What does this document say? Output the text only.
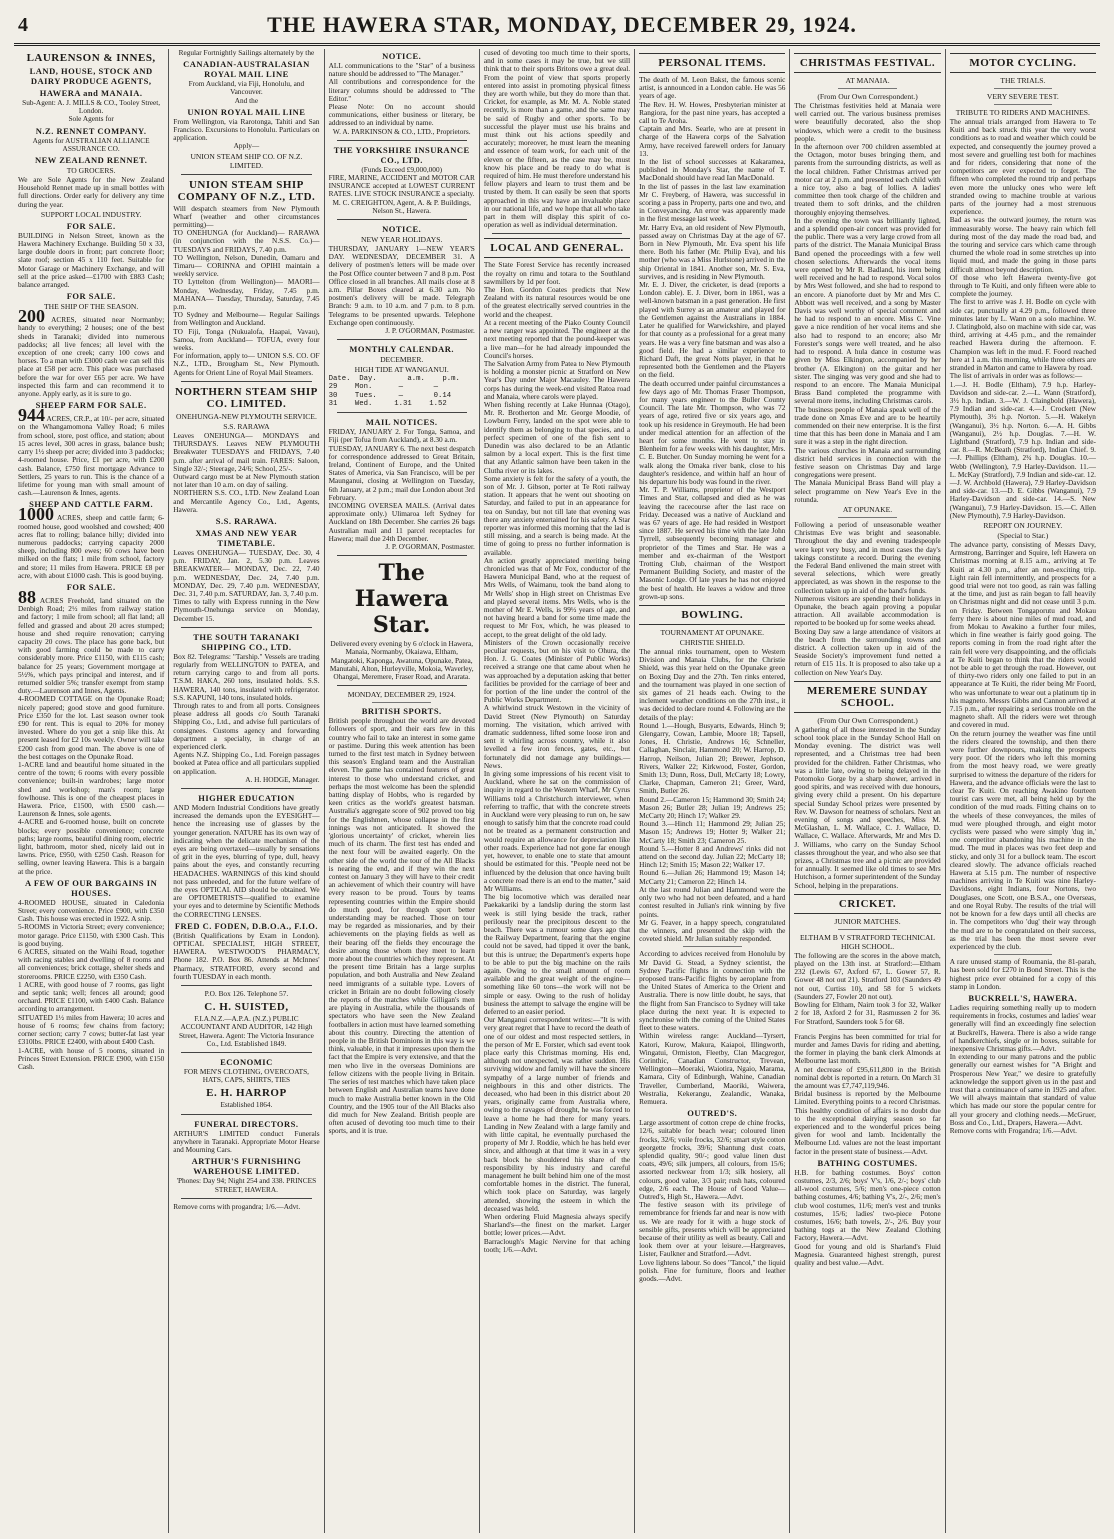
4	THE HAWERA STAR, MONDAY, DECEMBER 29, 1924.
LAURENSON & INNES,
LAND, HOUSE, STOCK AND DAIRY PRODUCE AGENTS,
HAWERA and MANAIA.

Sub-Agent: A. J. MILLS & CO., Tooley Street, London.

Sole Agents for

N.Z. RENNET COMPANY.

Agents for AUSTRALIAN ALLIANCE ASSURANCE CO.

NEW ZEALAND RENNET.
TO GROCERS.

We are Sole Agents for the New Zealand Household Rennet made up in small bottles with full directions. Order early for delivery any time during the year.

SUPPORT LOCAL INDUSTRY.
FOR SALE.

BUILDING in Nelson Street, known as the Hawera Machinery Exchange. Building 50 x 33, large double doors in front; part concrete floor; slate roof; section 45 x 110 feet. Suitable for Motor Garage or Machinery Exchange, and will sell at the price asked—£1700 with £883 Cash; balance arranged.

FOR SALE.
THE SHIP OF THE SEASON.

200 ACRES, situated near Normanby; handy to everything; 2 houses; one of the best sheds in Taranaki; divided into numerous paddocks; all live fences; all level with the exception of one creek; carry 100 cows and horses. To a man with £3000 cash we can sell this place at £58 per acre. This place was purchased before the war for over £65 per acre. We have inspected this farm and can recommend it to anyone. Apply early, as it is sure to go.

SHEEP FARM FOR SALE.

944 ACRES, CR.P., at 10/- per acre, situated on the Whangamomona Valley Road; 6 miles from school, store, post office, and station; about 15 acres level, 300 acres in grass, balance bush; carry 1½ sheep per acre; divided into 3 paddocks; 4-roomed house. Price, £1 per acre, with £200 cash. Balance, £750 first mortgage Advance to Settlers, 25 years to run. This is the chance of a lifetime for young man with small amount of cash.—Laurenson & Innes, agents.

SHEEP AND CATTLE FARM.

1000 ACRES, sheep and cattle farm; 6-roomed house, good woolshed and cowshed; 400 acres flat to rolling; balance hilly; divided into numerous paddocks; carrying capacity 2000 sheep, including 800 ewes; 60 cows have been milked on the flats; 1 mile from school, factory and store; 11 miles from Hawera. PRICE £8 per acre, with about £1000 cash. This is good buying.

FOR SALE.

88 ACRES Freehold, land situated on the Denbigh Road; 2½ miles from railway station and factory; 1 mile from school; all flat land; all felled and grassed and about 20 acres stumped; house and shed require renovation; carrying capacity 20 cows. The place has gone back, but with good farming could be made to carry considerably more. Price £1150, with £115 cash; balance for 25 years; Government mortgage at 5½%, which pays principal and interest, and if returned soldier 5%; transfer exempt from stamp duty.—Laurenson and Innes, Agents.

4-ROOMED COTTAGE on the Opunake Road; nicely papered; good stove and good furniture. Price £350 for the lot. Last season owner took £90 for rent. This is equal to 20% for money invested. Where do you get a snip like this. At present leased for £2 10s weekly. Owner will take £200 cash from good man. The above is one of the best cottages on the Opunake Road.

1-ACRE land and beautiful home situated in the centre of the town; 6 rooms with every possible convenience; built-in wardrobes; large motor shed and workshop; man's room; large fowlhouse. This is one of the cheapest places in Hawera. Price, £1500, with £500 cash.—Laurenson & Innes, sole agents.

4-ACRE and 6-roomed house, built on concrete blocks; every possible convenience; concrete paths; large rooms, beautiful dining room, electric light, bathroom, motor shed, nicely laid out in lawns. Price, £950, with £250 Cash. Reason for selling, owner leaving Hawera. This is a bargain at the price.

A FEW OF OUR BARGAINS IN HOUSES.

4-ROOMED HOUSE, situated in Caledonia Street; every convenience. Price £900, with £350 Cash. This house was erected in 1922. A snip.

5-ROOMS in Victoria Street; every convenience; motor garage. Price £1150, with £300 Cash. This is good buying.

6 ACRES, situated on the Waihi Road, together with racing stables and dwelling of 8 rooms and all conveniences; brick cottage, shelter sheds and storerooms. PRICE £2250, with £350 Cash.

1 ACRE, with good house of 7 rooms, gas light and septic tank; well; fences all around; good orchard. PRICE £1100, with £400 Cash. Balance according to arrangement.

SITUATED 1½ miles from Hawera; 10 acres and house of 6 rooms; few chains from factory; corner section; carry 7 cows; butter-fat last year £310lbs. PRICE £2400, with about £400 Cash.

1-ACRE, with house of 5 rooms, situated in Princes Street Extension. PRICE £900, with £150 Cash.

Regular Fortnightly Sailings alternately by the

CANADIAN-AUSTRALASIAN ROYAL MAIL LINE

From Auckland, via Fiji, Honolulu, and Vancouver.

And the

UNION ROYAL MAIL LINE

From Wellington, via Rarotonga, Tahiti and San Francisco. Excursions to Honolulu. Particulars on application.

Apply—

UNION STEAM SHIP CO. OF N.Z. LIMITED.
UNION STEAM SHIP COMPANY OF N.Z., LTD.

Will despatch steamers from New Plymouth Wharf (weather and other circumstances permitting)—

TO ONEHUNGA (for Auckland)— RARAWA (in conjunction with the N.S.S. Co.)— TUESDAYS and FRIDAYS, 7.40 p.m.

TO Wellington, Nelson, Dunedin, Oamaru and Timaru— CORINNA and OPIHI maintain a weekly service.

TO Lyttelton (from Wellington)— MAORI—Monday, Wednesday, Friday, 7.45 p.m. MAHANA— Tuesday, Thursday, Saturday, 7.45 p.m.

TO Sydney and Melbourne— Regular Sailings from Wellington and Auckland.

TO Fiji, Tonga (Nukualofa, Haapai, Vavau), Samoa, from Auckland— TOFUA, every four weeks.

For information, apply to— UNION S.S. CO. OF N.Z., LTD., Brougham St., New Plymouth. Agents for Orient Line of Royal Mail Steamers.

NORTHERN STEAM SHIP CO. LIMITED.
ONEHUNGA-NEW PLYMOUTH SERVICE.
S.S. RARAWA

Leaves ONEHUNGA— MONDAYS and THURSDAYS. Leaves NEW PLYMOUTH Breakwater TUESDAYS and FRIDAYS, 7.40 p.m. after arrival of mail train. FARES: Saloon, Single 32/-; Steerage, 24/6; School, 25/-.

Outward cargo must be at New Plymouth station not later than 10 a.m. on day of sailing.

NORTHERN S.S. CO., LTD. New Zealand Loan and Mercantile Agency Co., Ltd., Agents, Hawera.

S.S. RARAWA.
XMAS AND NEW YEAR TIMETABLE.

Leaves ONEHUNGA— TUESDAY, Dec. 30, 4 p.m. FRIDAY, Jan. 2, 5.30 p.m. Leaves BREAKWATER— MONDAY, Dec. 22, 7.40 p.m. WEDNESDAY, Dec. 24, 7.40 p.m. MONDAY, Dec. 29, 7.40 p.m. WEDNESDAY, Dec. 31, 7.40 p.m. SATURDAY, Jan. 3, 7.40 p.m.

Times to tally with Express running in the New Plymouth-Onehunga service on Monday, December 15.

THE SOUTH TARANAKI SHIPPING CO., LTD.

Box 82. Telegrams: "Tarship." Vessels are trading regularly from WELLINGTON to PATEA, and return carrying cargo to and from all ports. T.S.M. HAKA, 260 tons, insulated holds. S.S. HAWERA, 140 tons, insulated with refrigerator. S.S. KAPUNI, 140 tons, insulated holds.

Through rates to and from all ports. Consignees please address all goods c/o South Taranaki Shipping Co., Ltd., and advise full particulars of consignees. Customs agency and forwarding department a specialty, in charge of an experienced clerk.

Agents N.Z. Shipping Co., Ltd. Foreign passages booked at Patea office and all particulars supplied on application.

A. H. HODGE, Manager.

HIGHER EDUCATION

AND Modern Industrial Conditions have greatly increased the demands upon the EYESIGHT—hence the increasing use of glasses by the younger generation. NATURE has its own way of indicating when the delicate mechanism of the eyes are being overtaxed—usually by sensations of grit in the eyes, blurring of type, dull, heavy pains about the eyes, and constantly recurring HEADACHES. WARNINGS of this kind should not pass unheeded, and for the future welfare of the eyes OPTICAL AID should be obtained. We are OPTOMETRISTS—qualified to examine your eyes and to determine by Scientific Methods the CORRECTING LENSES.

FRED C. FODEN, D.B.O.A., F.I.O.

(British Qualifications by Exam in London). OPTICAL SPECIALIST, HIGH STREET, HAWERA. WESTWOOD'S PHARMACY, Phone 182. P.O. Box 86. Attends at McInnes' Pharmacy, STRATFORD, every second and fourth TUESDAY in each month.

P.O. Box 126. Telephone 57.

C. H. SUISTED,

F.I.A.N.Z.—A.P.A. (N.Z.) PUBLIC ACCOUNTANT AND AUDITOR, 142 High Street, Hawera. Agent: The Victoria Insurance Co., Ltd. Established 1849.

ECONOMIC

FOR MEN'S CLOTHING, OVERCOATS, HATS, CAPS, SHIRTS, TIES

E. H. HARROP

Established 1864.

FUNERAL DIRECTORS.

ARTHUR'S LIMITED conduct Funerals anywhere in Taranaki. Appropriate Motor Hearse and Mourning Cars.

ARTHUR'S FURNISHING WAREHOUSE LIMITED.

'Phones: Day 94; Night 254 and 338. PRINCES STREET, HAWERA.

Remove corns with progandra; 1/6.—Advt.

NOTICE.

ALL communications to the "Star" of a business nature should be addressed to "The Manager."

All contributions and correspondence for the literary columns should be addressed to "The Editor."

Please Note: On no account should communications, either business or literary, be addressed to an individual by name.

W. A. PARKINSON & CO., LTD., Proprietors.

THE YORKSHIRE INSURANCE CO., LTD.

(Funds Exceed £9,000,000)

FIRE, MARINE, ACCIDENT and MOTOR CAR INSURANCE accepted at LOWEST CURRENT RATES. LIVE STOCK INSURANCE a specialty.

M. C. CREIGHTON, Agent, A. & P. Buildings, Nelson St., Hawera.

NOTICE.
NEW YEAR HOLIDAYS.

THURSDAY, JANUARY 1—NEW YEAR'S DAY. WEDNESDAY, DECEMBER 31. A delivery of postmen's letters will be made over the Post Office counter between 7 and 8 p.m. Post Office closed in all branches. All mails close at 8 a.m. Pillar Boxes cleared at 6.30 a.m. No postmen's delivery will be made. Telegraph Branch: 9 a.m. to 10 a.m. and 7 p.m. to 8 p.m. Telegrams to be presented upwards. Telephone Exchange open continuously.

J. P. O'GORMAN, Postmaster.

MONTHLY CALENDAR.
DECEMBER.
HIGH TIDE AT WANGANUI.

Date.  Day.       a.m.    p.m.

29    Mon.      —       —

30    Tues.     —       0.14

31    Wed.     1.31    1.52

MAIL NOTICES.

FRIDAY, JANUARY 2. For Tonga, Samoa, and Fiji (per Tofua from Auckland), at 8.30 a.m.

TUESDAY, JANUARY 6. The next best despatch for correspondence addressed to Great Britain, Ireland, Continent of Europe, and the United States of America, via San Francisco, will be per Maunganui, closing at Wellington on Tuesday, 6th January, at 2 p.m.; mail due London about 3rd February.

INCOMING OVERSEA MAILS. (Arrival dates approximate only.) Ulimaroa left Sydney for Auckland on 18th December. She carries 26 bags Australian mail and 11 parcel receptacles for Hawera; mail due 24th December.

J. P. O'GORMAN, Postmaster.

The Hawera Star.

Delivered every evening by 6 o'clock in Hawera, Manaia, Normanby, Okaiawa, Eltham, Mangatoki, Kaponga, Awatuna, Opunake, Patea, Manutahi, Alton, Hurleyville, Mokoia, Waverley, Ohangai, Meremere, Fraser Road, and Ararata.

MONDAY, DECEMBER 29, 1924.
BRITISH SPORTS.

British people throughout the world are devoted followers of sport, and their ears few in this country who fail to take an interest in some game or pastime. During this week attention has been turned to the first test match in Sydney between this season's England team and the Australian eleven. The game has contained features of great interest to those who understand cricket, and perhaps the most welcome has been the splendid batting display of Hobbs, who is regarded by keen critics as the world's greatest batsman. Australia's aggregate score of 902 proved too big for the Englishmen, whose collapse in the first innings was not anticipated. It showed the 'glorious uncertainty' of cricket, wherein lies much of its charm. The first test has ended and the next four will be awaited eagerly. On the other side of the world the tour of the All Blacks is nearing the end, and if they win the next contest on January 3 they will have to their credit an achievement of which their country will have every reason to be proud. Tours by teams representing countries within the Empire should do much good, for through sport better understanding may be reached. Those on tour may be regarded as missionaries, and by their achievements on the playing fields as well as their bearing off the fields they encourage the desire among those whom they meet to learn more about the countries which they represent. At the present time Britain has a large surplus population, and both Australia and New Zealand need immigrants of a suitable type. Lovers of cricket in Britain are no doubt following closely the reports of the matches while Gilligan's men are playing in Australia, while the thousands of spectators who have seen the New Zealand footballers in action must have learned something about this country. Directing the attention of people in the British Dominions in this way is we think, valuable, in that it impresses upon them the fact that the Empire is very extensive, and that the men who live in the overseas Dominions are fellow citizens with the people living in Britain. The series of test matches which have taken place between English and Australian teams have done much to make Australia better known in the Old Country, and the 1905 tour of the All Blacks also did much for New Zealand. British people are often acused of devoting too much time to their sports, and it is true.

cused of devoting too much time to their sports, and in some cases it may be true, but we still think that to their sports Britons owe a great deal. From the point of view that sports properly entered into assist in promoting physical fitness they are worth while, but they do more than that. Cricket, for example, as Mr. M. A. Noble stated recently, is more than a game, and the same may be said of Rugby and other sports. To be successful the player must use his brains and must think out his actions speedily and accurately; moreover, he must learn the meaning and essence of team work, for each unit of the eleven or the fifteen, as the case may be, must know his place and be ready to do what is required of him. He must therefore understand his fellow players and learn to trust them and be trusted by them. It can easily be seen that sports approached in this way have an invaluable place in our national life, and we hope that all who take part in them will display this spirit of co-operation as well as individual determination.

LOCAL AND GENERAL.

The State Forest Service has recently increased the royalty on rimu and totara to the Southland sawmillers by 1d per foot.

The Hon. Gordon Coates predicts that New Zealand with its natural resources would be one of the greatest electrically served countries in the world and the cheapest.

At a recent meeting of the Piako County Council a new ranger was appointed. The engineer at the next meeting reported that the pound-keeper was a live man—for he had already impounded the Council's horses.

The Salvation Army from Patea to New Plymouth is holding a monster picnic at Stratford on New Year's Day under Major Macauley. The Hawera corps has during the week-end visited Ratoa road and Manaia, where carols were played.

When fishing recently at Lake Hunnaa (Otago), Mr. R. Brotherton and Mr. George Moodie, of Lowburn Ferry, landed on the spot were able to identify them as belonging to that species, and a perfect specimen of one of the fish sent to Dunedin was also declared to be an Atlantic salmon by a local expert. This is the first time that any Atlantic salmon have been taken in the Clutha river or its lakes.

Some anxiety is felt for the safety of a youth, the son of Mr. J. Gibson, porter at Te Roti railway station. It appears that he went out shooting on Saturday, and failed to put in an appearance for tea on Sunday, but not till late that evening was there any anxiety entertained for his safety. A Star reporter was informed this morning that the lad is still missing, and a search is being made. At the time of going to press no further information is available.

An action greatly appreciated meriting being chronicled was that of Mr Fox, conductor of the Hawera Municipal Band, who at the request of Mrs Wells, of Waimanu, took the band along to Mr Wells' shop in High street on Christmas Eve and played several items. Mrs Wells, who is the mother of Mr E. Wells, is 99½ years of age, and not having heard a band for some time made the request to Mr Fox, which, he was pleased to accept, to the great delight of the old lady.

Ministers of the Crown occasionally receive peculiar requests, but on his visit to Ohura, the Hon. J. G. Coates (Minister of Public Works) received a strange one that came about when he was approached by a deputation asking that better facilities be provided for the carriage of beer and for portion of the line under the control of the Public Works Department.

A whirlwind struck Westown in the vicinity of David Street (New Plymouth) on Saturday morning. The visitation, which arrived with dramatic suddenness, lifted some loose iron and sent it whirling across country, while it also levelled a few iron fences, gates, etc., but fortunately did not damage any buildings.—News.

In giving some impressions of his recent visit to Auckland, where he sat on the commission of inquiry in regard to the Western Wharf, Mr Cyrus Williams told a Christchurch interviewer, when referring to traffic, that with the concrete streets in Auckland were very pleasing to run on, he saw enough to satisfy him that the concrete road could not be treated as a permanent construction and would require an allowance for depreciation like other roads. Experience had not gone far enough yet, however, to enable one to state that amount should be estimated for this. "People need not be influenced by the delusion that once having built a concrete road there is an end to the matter," said Mr Williams.

The big locomotive which was derailed near Paekakariki by a landslip during the storm last week is still lying beside the track, rather perilously near the precipitous descent to the beach. There was a rumour some days ago that the Railway Department, fearing that the engine could not be saved, had tipped it over the bank, but this is untrue; the Department's experts hope to be able to put the big machine on the rails again. Owing to the small amount of room available and the great weight of the engine—something like 60 tons—the work will not be simple or easy. Owing to the rush of holiday business the attempt to salvage the engine will be deferred to an easier period.

Our Manganui correspondent writes:—"It is with very great regret that I have to record the death of one of our oldest and most respected settlers, in the person of Mr E. Forster, which sad event took place early this Christmas morning. His end, although not unexpected, was rather sudden. His surviving widow and family will have the sincere sympathy of a large number of friends and neighbours in this and other districts. The deceased, who had been in this district about 20 years, originally came from Australia where, owing to the ravages of drought, he was forced to leave a home he had there for many years. Landing in New Zealand with a large family and with little capital, he eventually purchased the property of Mr J. Roddie, which he has held ever since, and although at that time it was in a very back block he shouldered his share of the responsibility by his industry and careful management he built behind him one of the most comfortable homes in the district. The funeral, which took place on Saturday, was largely attended, showing the esteem in which the deceased was held.

When ordering Fluid Magnesia always specify Sharland's—the finest on the market. Larger bottle; lower prices.—Advt.

Barraclough's Magic Nervine for that aching tooth; 1/6.—Advt.

PERSONAL ITEMS.

The death of M. Leon Bakst, the famous scenic artist, is announced in a London cable. He was 56 years of age.

The Rev. H. W. Howes, Presbyterian minister at Rangiora, for the past nine years, has accepted a call to Te Aroha.

Captain and Mrs. Searle, who are at present in charge of the Hawera corps of the Salvation Army, have received farewell orders for January 13.

In the list of school successes at Kakaramea, published in Monday's Star, the name of T. MacDonald should have read Ian MacDonald.

In the list of passes in the last law examination Mr C. Freyberg, of Hawera, was successful in scoring a pass in Property, parts one and two, and in Conveyancing. An error was apparently made in the first message last week.

Mr. Harry Eva, an old resident of New Plymouth, passed away on Christmas Day at the age of 67. Born in New Plymouth, Mr. Eva spent his life there. Both his father (Mr. Philip Eva), and his mother (who was a Miss Hurlstone) arrived in the ship Oriental in 1841. Another son, Mr. S. Eva, survives, and is residing in New Plymouth.

Mr. E. J. Diver, the cricketer, is dead (reports a London cable). E. J. Diver, born in 1861, was a well-known batsman in a past generation. He first played with Surrey as an amateur and played for the Gentlemen against the Australians in 1884. Later he qualified for Warwickshire, and played for that county as a professional for a great many years. He was a very fine batsman and was also a good field. He had a similar experience to Richard Daft, the great Notts player, in that he represented both the Gentlemen and the Players on the field.

The death occurred under painful circumstances a few days ago of Mr. Thomas Fraser Thompson, for many years engineer to the Buller County Council. The late Mr. Thompson, who was 72 years of age, retired five or six years ago, and took up his residence in Greymouth. He had been under medical attention for an affection of the heart for some months. He went to stay in Blenheim for a few weeks with his daughter, Mrs. C. E. Butcher. On Sunday morning he went for a walk along the Omaka river bank, close to his daughter's residence, and within half an hour of his departure his body was found in the river.

Mr. T. P. Williams, proprietor of the Westport Times and Star, collapsed and died as he was leaving the racecourse after the last race on Friday. Deceased was a native of Auckland and was 67 years of age. He had resided in Westport since 1887. He served his time with the late John Tyrrell, subsequently becoming manager and proprietor of the Times and Star. He was a member and ex-chairman of the Westport Trotting Club, chairman of the Westport Permanent Building Society, and master of the Masonic Lodge. Of late years he has not enjoyed the best of health. He leaves a widow and three grown-up sons.

BOWLING.
TOURNAMENT AT OPUNAKE.
CHRISTIE SHIELD.

The annual rinks tournament, open to Western Division and Manaia Clubs, for the Christie Shield, was this year held on the Opunake green on Boxing Day and the 27th. Ten rinks entered, and the tournament was played in one section of six games of 21 heads each. Owing to the inclement weather conditions on the 27th inst., it was decided to declare round 4. Following are the details of the play:

Round 1.—Hough, Busyarts, Edwards, Hinch 9; Glengarry, Cowan, Lambie, Moore 18; Tapsell, Jones, H. Christie, Andrews 16; Schneller, Callaghan, Sinclair, Hammond 20; W. Harrop, D. Harrop, Neilson, Julian 20; Brewer, Jephson, Rivers, Walker 22; Kirkwood, Foster, Gordon, Smith 13; Dunn, Ross, Dull, McCarty 18; Lowry, Clarke, Chapman, Cameron 21; Greer, Ward, Smith, Butler 26.

Round 2.—Cameron 15; Hammond 30; Smith 24; Mason 26; Butler 28; Julian 19; Andrews 25; McCarty 20; Hinch 17; Walker 29.

Round 3.—Hinch 11; Hammond 29; Julian 25; Mason 15; Andrews 19; Hotter 9; Walker 21; McCarty 18; Smith 23; Cameron 25.

Round 5.—Hotter 8 and Andrews' rinks did not attend on the second day. Julian 22; McCarty 18; Hinch 12; Smith 15; Mason 22; Walker 17.

Round 6.—Julian 26; Hammond 19; Mason 14; McCarty 21; Cameron 22; Hinch 14.

At the last round Julian and Hammond were the only two who had not been defeated, and a hard contest resulted in Julian's rink winning by five points.

Mr G. Feaver, in a happy speech, congratulated the winners, and presented the skip with the coveted shield. Mr Julian suitably responded.

According to advices received from Honolulu by Mr David G. Stead, a Sydney scientist, the Sydney Pacific flights in connection with the proposed trans-Pacific flights by aeroplane from the United States of America to the Orient and Australia. There is now little doubt, he says, that the flight from San Francisco to Sydney will take place during the next year. It is expected to synchronise with the coming of the United States fleet to these waters.

Within wireless range: Auckland—Tyrsert, Katori, Kurow, Makura, Kaiapoi, Illingworth, Wingatui, Ormiston, Fleetby, Clan Macgregor, Corinthic, Canadian Constructor, Trevean, Wellington—Moeraki, Waiotira, Ngaio, Marama, Kamara, City of Edinburgh, Wahine, Canadian Traveller, Cumberland, Maoriki, Waiwera, Westralia, Kekerangu, Zealandic, Wanaka, Remuera.

OUTRED'S.

Large assortment of cotton crepe de chine frocks, 12/6, suitable for beach wear; coloured linen frocks, 32/6; voile frocks, 32/6; smart style cotton georgette frocks, 39/6; Shantung dust coats, splendid quality, 90/-; good value linen dust coats, 49/6; silk jumpers, all colours, from 15/6; assorted neckwear from 1/3; silk hosiery, all colours, good value, 3/3 pair; rush hats, coloured edge, 2/6 each. The House of Good Value—Outred's, High St., Hawera.—Advt.

The festive season with its privilege of remembrance for friends far and near is now with us. We are ready for it with a huge stock of sensible gifts, presents which will be appreciated because of their utility as well as beauty. Call and look them over at your leisure.—Hargreaves, Lister, Faulkner and Stratford.—Advt.

Love lightens labour. So does "Tancol," the liquid polish. Fine for furniture, floors and leather goods.—Advt.

CHRISTMAS FESTIVAL.
AT MANAIA.
(From Our Own Correspondent.)

The Christmas festivities held at Manaia were well carried out. The various business premises were beautifully decorated, also the shop windows, which were a credit to the business people.

In the afternoon over 700 children assembled at the Octagon, motor buses bringing them, and parents from the surrounding districts, as well as the local children. Father Christmas arrived per motor car at 2 p.m. and presented each child with a nice toy, also a bag of lollies. A ladies' committee then took charge of the children and treated them to soft drinks, and the children thoroughly enjoying themselves.

In the evening the town was brilliantly lighted, and a splendid open-air concert was provided for the public. There was a very large crowd from all parts of the district. The Manaia Municipal Brass Band opened the proceedings with a few well chosen selections. Afterwards the vocal items were opened by Mr R. Badland, his item being well received and he had to respond. Vocal solos by Mrs West followed, and she had to respond to an encore. A pianoforte duet by Mr and Mrs C. Abbott was well received, and a song by Master Davis was well worthy of special comment and he had to respond to an encore. Miss C. Vine gave a nice rendition of her vocal items and she also had to respond to an encore; also Mr Forester's songs were well treated, and he also had to respond. A hula dance in costume was given by Miss Elkington, accompanied by her brother (A. Elkington) on the guitar and her sister. The singing was very good and she had to respond to an encore. The Manaia Municipal Brass Band completed the programme with several more items, including Christmas carols.

The business people of Manaia speak well of the trade done on Xmas Eve and are to be heartily commended on their new enterprise. It is the first time that this has been done in Manaia and I am sure it was a step in the right direction.

The various churches in Manaia and surrounding district held services in connection with the festive season on Christmas Day and large congregations were present.

The Manaia Municipal Brass Band will play a select programme on New Year's Eve in the rotunda.

AT OPUNAKE.

Following a period of unseasonable weather Christmas Eve was bright and seasonable. Throughout the day and evening tradespeople were kept very busy, and in most cases the day's takings constitute a record. During the evening the Federal Band enlivened the main street with several selections, which were greatly appreciated, as was shown in the response to the collection taken up in aid of the band's funds.

Numerous visitors are spending their holidays in Opunake, the beach again proving a popular attraction. All available accommodation is reported to be booked up for some weeks ahead.

Boxing Day saw a large attendance of visitors at the beach from the surrounding towns and district. A collection taken up in aid of the Seaside Society's improvement fund netted a return of £15 11s. It is proposed to also take up a collection on New Year's Day.

MEREMERE SUNDAY SCHOOL.
(From Our Own Correspondent.)

A gathering of all those interested in the Sunday school took place in the Sunday School Hall on Monday evening. The district was well represented, and a Christmas tree had been provided for the children. Father Christmas, who was a little late, owing to being delayed in the Potomoko Gorge by a sharp shower, arrived in good spirits, and was received with due honours, giving every child a present. On his departure special Sunday School prizes were presented by Rev. W. Dawson for neatness of scholars. Next an evening of songs and speeches, Miss M. McGlashan, L. M. Wallace, C. J. Wallace, D. Wallace, C. Wallace. Afterwards, Mr and Mrs D. J. Williams, who carry on the Sunday School classes throughout the year, and who also see that prizes, a Christmas tree and a picnic are provided for annually. It seemed like old times to see Mrs Hutchison, a former superintendent of the Sunday School, helping in the preparations.

CRICKET.
JUNIOR MATCHES.
ELTHAM B V STRATFORD TECHNICAL HIGH SCHOOL.

The following are the scores in the above match, played on the 13th inst. at Stratford:—Eltham 232 (Lewis 67, Axford 67, L. Gower 57, R. Gower 48 not out 21). Stratford 103 (Saunders 49 not out, Curtiss 10), and 58 for 5 wickets (Saunders 27, Fowler 20 not out).

Bowling for Eltham, Nairn took 3 for 32, Walker 2 for 18, Axford 2 for 31, Rasmussen 2 for 36. For Stratford, Saunders took 5 for 68.

Francis Pergins has been committed for trial for murder and James Davis for riding and abetting, the former in playing the bank clerk Almonds at Melbourne last month.

A net decrease of £95,611,800 in the British nominal debt is reported in a return. On March 31 the amount was £7,747,119,946.

Bridal business is reported by the Melbourne Limited. Everything points to a record Christmas. This healthy condition of affairs is no doubt due to the exceptional dairying season so far experienced and to the wonderful prices being given for wool and lamb. Incidentally the Melbourne Ltd. values are not the least important factor in the present state of business.—Advt.

BATHING COSTUMES.

H.B. for bathing costumes. Boys' cotton costumes, 2/3, 2/6; boys' V's, 1/6, 2/-; boys' club all-wool costumes, 5/6; men's one-piece cotton bathing costumes, 4/6; bathing V's, 2/-, 2/6; men's club wool costumes, 11/6; men's vest and trunks costumes, 15/6; ladies' two-piece Potone costumes, 16/6; bath towels, 2/-, 2/6. Buy your bathing togs at the New Zealand Clothing Factory, Hawera.—Advt.

Good for young and old is Sharland's Fluid Magnesia. Guaranteed highest strength, purest quality and best value.—Advt.

MOTOR CYCLING.
THE TRIALS.
VERY SEVERE TEST.
TRIBUTE TO RIDERS AND MACHINES.

The annual trials arranged from Hawera to Te Kuiti and back struck this year the very worst conditions as to road and weather which could be expected, and consequently the journey proved a most severe and gruelling test both for machines and for riders, considering that none of the competitors are ever expected to forget. The fifteen who completed the round trip and perhaps even more the unlucky ones who were left stranded owing to machine trouble at various parts of the journey had a most strenuous experience.

Bad as was the outward journey, the return was immeasurably worse. The heavy rain which fell during most of the day made the road bad, and the touring and service cars which came through churned the whole road in some stretches up into liquid mud, and made the going in those parts difficult almost beyond description.

Of those who left Hawera twenty-five got through to Te Kuiti, and only fifteen were able to complete the journey.

The first to arrive was J. H. Bodle on cycle with side car, punctually at 4.29 p.m., followed three minutes later by L. Wann on a solo machine. W. J. Clatingbold, also on machine with side car, was third, arriving at 4.45 p.m., and the remainder reached Hawera during the afternoon. F. Champion was left in the mud. F. Foord reached here at 1 a.m. this morning, while three others are stranded in Marton and came to Hawera by road.

The list of arrivals in order was as follows:—

1.—J. H. Bodle (Eltham), 7.9 h.p. Harley-Davidson and side-car. 2.—L. Wann (Stratford), 3½ h.p. Indian. 3.—W. J. Claingbold (Hawera), 7.9 Indian and side-car. 4.—J. Crockett (New Plymouth), 3½ h.p. Norton. 5.—H. Wakelyn (Wanganui), 3½ h.p. Norton. 6.—A. H. Gibbs (Wanganui), 2½ h.p. Douglas. 7.—H. W. Lightband (Stratford), 7.9 h.p. Indian and side-car. 8.—R. McBeath (Stratford), Indian Chief. 9.—J. Phillips (Eltham), 2¾ h.p. Douglas. 10.—Webb (Wellington), 7.9 Harley-Davidson. 11.—L. McKay (Stratford), 7.9 Indian and side-car. 12.—J. W. Archbold (Hawera), 7.9 Harley-Davidson and side-car. 13.—D. E. Gibbs (Wanganui), 7.9 Harley-Davidson and side-car. 14.—S. New (Wanganui), 7.9 Harley-Davidson. 15.—C. Allen (New Plymouth), 7.9 Harley-Davidson.

REPORT ON JOURNEY.
(Special to Star.)

The advance party, consisting of Messrs Davy, Armstrong, Barringer and Squire, left Hawera on Christmas morning at 8.15 a.m., arriving at Te Kuiti at 4.30 p.m., after an non-exciting trip. Light rain fell intermittently, and prospects for a good trial were not too good, as rain was falling at the time, and just as rain began to fall heavily on Christmas night and did not cease until 3 p.m. on Friday. Between Tongaporutu and Mokau ferry there is about nine miles of mud road, and from Mokau to Awakino a further four miles, which in fine weather is fairly good going. The reports coming in from the road right after the rain fell were very disappointing, and the officials at Te Kuiti began to think that the riders would not be able to get through the road. However, out of thirty-two riders only one failed to put in an appearance at Te Kuiti, the rider being Mr Foord, who was unfortunate to wear out a platinum tip in his magneto. Messrs Gibbs and Cannon arrived at 7.15 p.m., after repairing a serious trouble on the magneto shaft. All the riders were wet through and covered in mud.

On the return journey the weather was fine until the riders cleared the township, and then there were further downpours, making the prospects very poor. Of the riders who left this morning from the most heavy road, we were greatly surprised to witness the departure of the riders for Hawera, and the advance officials were the last to clear Te Kuiti. On reaching Awakino fourteen tourist cars were met, all being held up by the condition of the mud roads. Fitting chains on to the wheels of these conveyances, the miles of mud were ploughed through, and eight motor cyclists were passed who were simply 'dug in,' one competitor abandoning his machine in the mud. The mud in places was two feet deep and sticky, and only 31 for a bullock team. The escort cleared slowly. The advance officials reached Hawera at 5.15 p.m. The number of respective machines arriving in Te Kuiti was nine Harley-Davidsons, eight Indians, four Nortons, two Douglases, one Scott, one B.S.A., one Overseas, and one Royal Ruby. The results of the trial will not be known for a few days until all checks are in. The competitors who 'dug' their way through the mud are to be congratulated on their success, as the trial has been the most severe ever experienced by the club.

A rare unused stamp of Roumania, the 81-parah, has been sold for £270 in Bond Street. This is the highest price ever obtained for a copy of this stamp in London.

BUCKRELL'S, HAWERA.

Ladies requiring something really up to modern requirements in frocks, costumes and ladies' wear generally will find an exceedingly fine selection at Buckrell's, Hawera. There is also a wide range of handkerchiefs, single or in boxes, suitable for inexpensive Christmas gifts.—Advt.

In extending to our many patrons and the public generally our earnest wishes for "A Bright and Prosperous New Year," we desire to gratefully acknowledge the support given us in the past and trust that a continuance of same in 1925 and after. We will always maintain that standard of value which has made our store the popular centre for all your grocery and clothing needs.—McGruer, Boss and Co., Ltd., Drapers, Hawera.—Advt.

Remove corns with Frogandra; 1/6.—Advt.
